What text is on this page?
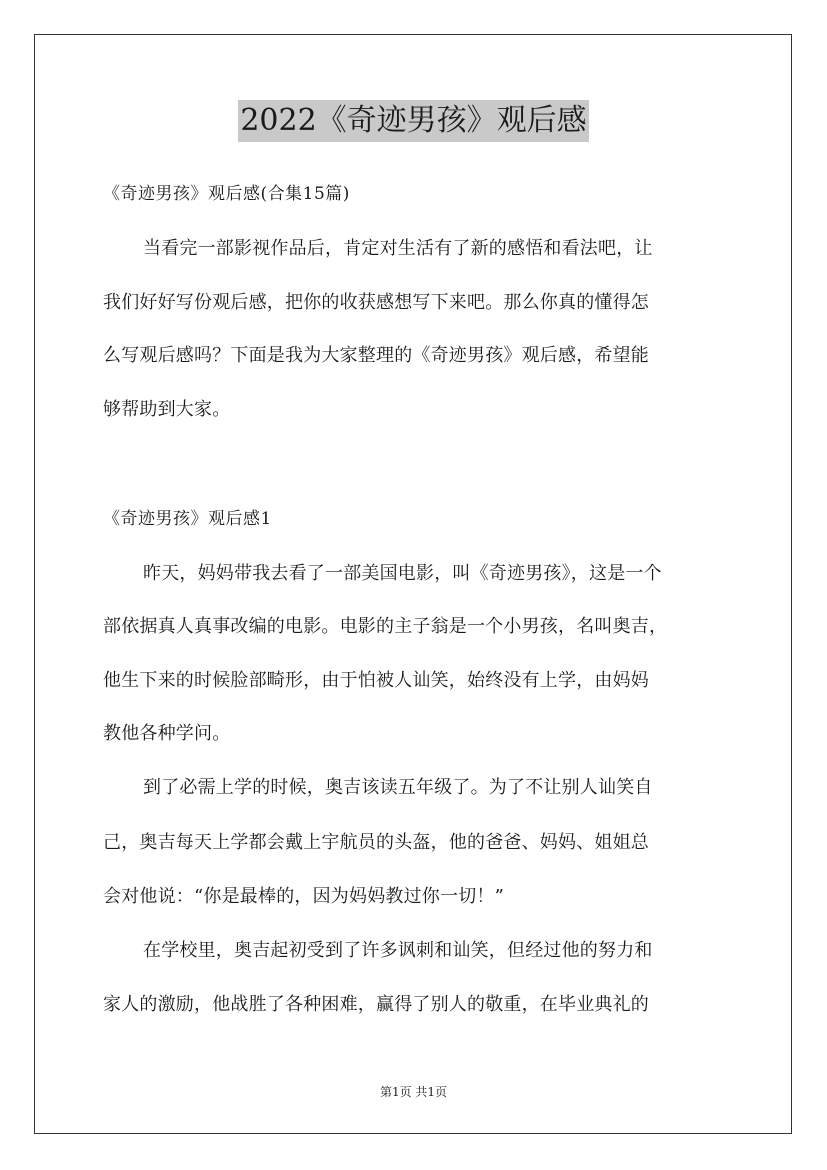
2022《奇迹男孩》观后感
《奇迹男孩》观后感(合集15篇)
当看完一部影视作品后，肯定对生活有了新的感悟和看法吧，让
我们好好写份观后感，把你的收获感想写下来吧。那么你真的懂得怎
么写观后感吗？下面是我为大家整理的《奇迹男孩》观后感，希望能
够帮助到大家。
《奇迹男孩》观后感1
昨天，妈妈带我去看了一部美国电影，叫《奇迹男孩》，这是一个
部依据真人真事改编的电影。电影的主子翁是一个小男孩，名叫奥吉，
他生下来的时候脸部畸形，由于怕被人讪笑，始终没有上学，由妈妈
教他各种学问。
到了必需上学的时候，奥吉该读五年级了。为了不让别人讪笑自
己，奥吉每天上学都会戴上宇航员的头盔，他的爸爸、妈妈、姐姐总
会对他说：“你是最棒的，因为妈妈教过你一切！”
在学校里，奥吉起初受到了许多讽刺和讪笑，但经过他的努力和
家人的激励，他战胜了各种困难，赢得了别人的敬重，在毕业典礼的
第1页 共1页
